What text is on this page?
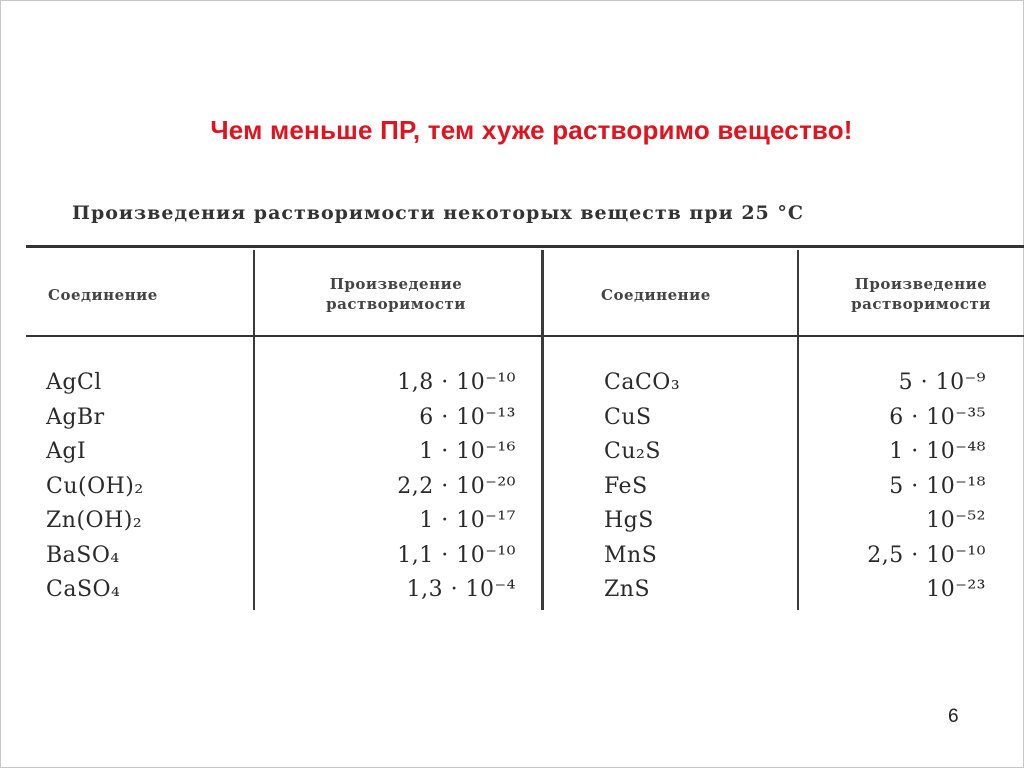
Чем меньше ПР, тем хуже растворимо вещество!
Произведения растворимости некоторых веществ при 25 °С
Соединение
Произведение растворимости	Соединение
Произведение растворимости
AgCl
AgBr
AgI
Cu(OH)₂
Zn(OH)₂
BaSO₄
CaSO₄
1,8 · 10⁻¹⁰
6 · 10⁻¹³
1 · 10⁻¹⁶
2,2 · 10⁻²⁰
1 · 10⁻¹⁷
1,1 · 10⁻¹⁰
1,3 · 10⁻⁴
CaCO₃
CuS
Cu₂S
FeS
HgS
MnS
ZnS
5 · 10⁻⁹
6 · 10⁻³⁵
1 · 10⁻⁴⁸
5 · 10⁻¹⁸
10⁻⁵²
2,5 · 10⁻¹⁰
10⁻²³
6
